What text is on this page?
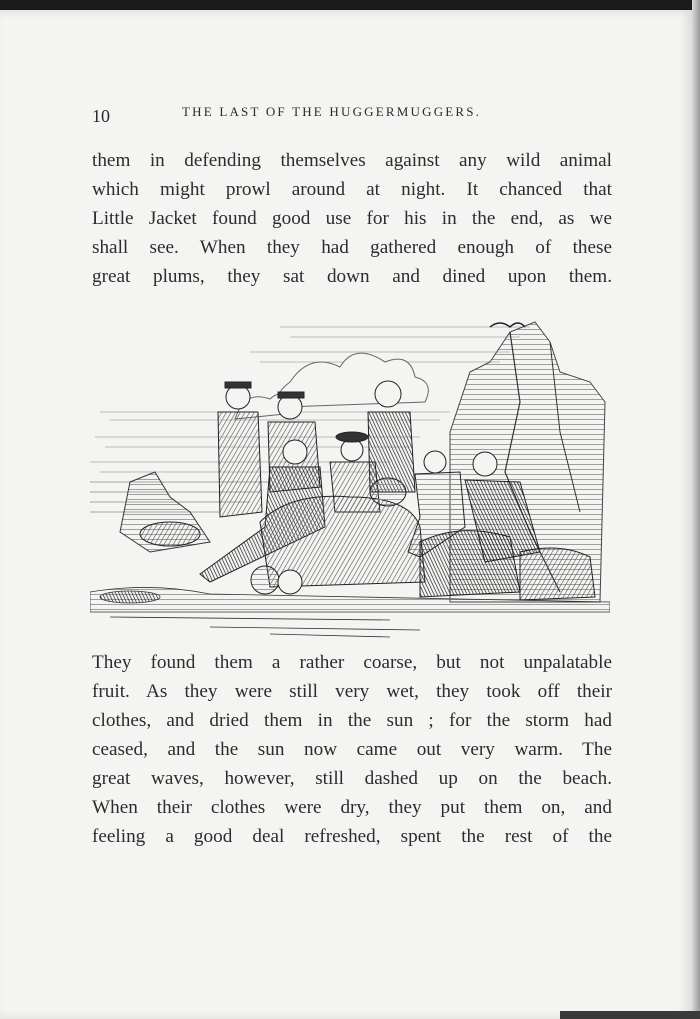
10	THE LAST OF THE HUGGERMUGGERS.
them in defending themselves against any wild animal
which might prowl around at night. It chanced that
Little Jacket found good use for his in the end, as we
shall see. When they had gathered enough of these
great plums, they sat down and dined upon them.
They found them a rather coarse, but not unpalatable
fruit. As they were still very wet, they took off their
clothes, and dried them in the sun ; for the storm had
ceased, and the sun now came out very warm. The
great waves, however, still dashed up on the beach.
When their clothes were dry, they put them on, and
feeling a good deal refreshed, spent the rest of the
